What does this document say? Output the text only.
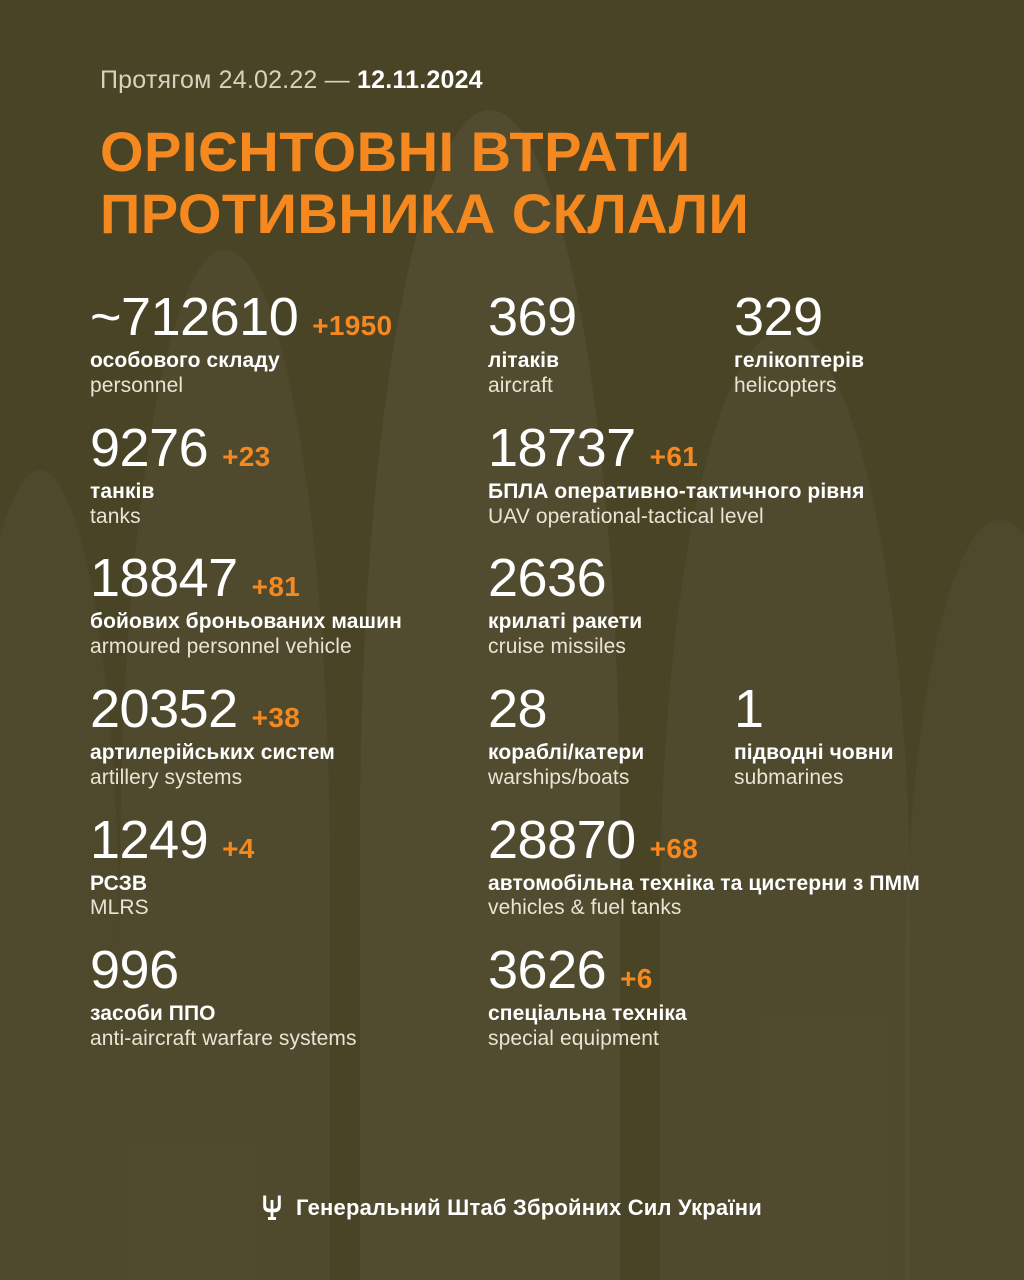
Протягом 24.02.22 — 12.11.2024
ОРІЄНТОВНІ ВТРАТИ
ПРОТИВНИКА СКЛАЛИ
~712610 +1950
особового складу
personnel
9276 +23
танків
tanks
18847 +81
бойових броньованих машин
armoured personnel vehicle
20352 +38
артилерійських систем
artillery systems
1249 +4
РСЗВ
MLRS
996
засоби ППО
anti-aircraft warfare systems
369
літаків
aircraft
329
гелікоптерів
helicopters
18737 +61
БПЛА оперативно-тактичного рівня
UAV operational-tactical level
2636
крилаті ракети
cruise missiles
28
кораблі/катери
warships/boats
1
підводні човни
submarines
28870 +68
автомобільна техніка та цистерни з ПММ
vehicles & fuel tanks
3626 +6
спеціальна техніка
special equipment
Генеральний Штаб Збройних Сил України
